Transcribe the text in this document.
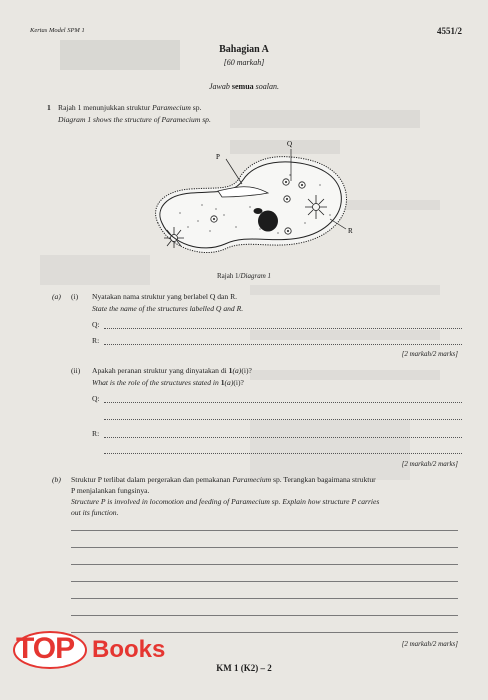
Kertas Model SPM 1	4551/2
Bahagian A
[60 markah]
Jawab semua soalan.
1 Rajah 1 menunjukkan struktur Paramecium sp.
Diagram 1 shows the structure of Paramecium sp.
Q
P
R
Rajah 1/Diagram 1
(a) (i) Nyatakan nama struktur yang berlabel Q dan R.
State the name of the structures labelled Q and R.
Q:
R:
[2 markah/2 marks]
(ii) Apakah peranan struktur yang dinyatakan di 1(a)(i)?
What is the role of the structures stated in 1(a)(i)?
Q:
R:
[2 markah/2 marks]
(b) Struktur P terlibat dalam pergerakan dan pemakanan Paramecium sp. Terangkan bagaimana struktur
P menjalankan fungsinya.
Structure P is involved in locomotion and feeding of Paramecium sp. Explain how structure P carries
out its function.
[2 markah/2 marks]
KM 1 (K2) – 2
TOP Books
